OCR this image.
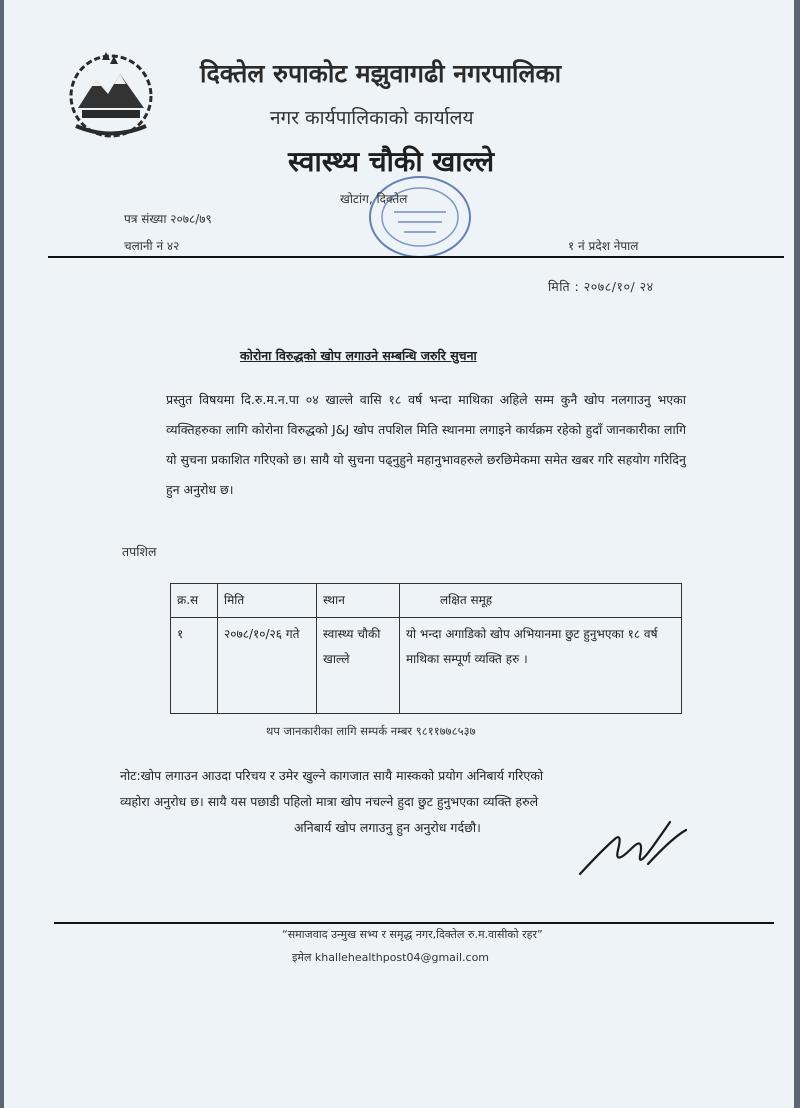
दिक्तेल रुपाकोट मझुवागढी नगरपालिका
नगर कार्यपालिकाको कार्यालय
स्वास्थ्य चौकी खाल्ले
खोटांग, दिक्तेल
पत्र संख्या २०७८/७९
चलानी नं ४२	१ नं प्रदेश नेपाल
मिति : २०७८/१०/ २४
कोरोना विरुद्धको खोप लगाउने सम्बन्धि जरुरि सुचना
प्रस्तुत विषयमा दि.रु.म.न.पा ०४ खाल्ले वासि १८ वर्ष भन्दा माथिका अहिले सम्म कुनै खोप नलगाउनु भएका व्यक्तिहरुका लागि कोरोना विरुद्धको J&J खोप तपशिल मिति स्थानमा लगाइने कार्यक्रम रहेको हुदाँ जानकारीका लागि यो सुचना प्रकाशित गरिएको छ। सायै यो सुचना पढ्नुहुने महानुभावहरुले छरछिमेकमा समेत खबर गरि सहयोग गरिदिनु हुन अनुरोध छ।
तपशिल
क्र.स	मिति	स्थान	लक्षित समूह
१	२०७८/१०/२६ गते	स्वास्थ्य चौकी खाल्ले	यो भन्दा अगाडिको खोप अभियानमा छुट हुनुभएका १८ वर्ष माथिका सम्पूर्ण व्यक्ति हरु ।
थप जानकारीका लागि सम्पर्क नम्बर ९८११७७८५३७
नोट:खोप लगाउन आउदा परिचय र उमेर खुल्ने कागजात सायै मास्कको प्रयोग अनिबार्य गरिएको
व्यहोरा अनुरोध छ। सायै यस पछाडी पहिलो मात्रा खोप नचल्ने हुदा छुट हुनुभएका व्यक्ति हरुले
अनिबार्य खोप लगाउनु हुन अनुरोध गर्दछौ।
“समाजवाद उन्मुख सभ्य र समृद्ध नगर,दिक्तेल रु.म.वासीको रहर”
इमेल khallehealthpost04@gmail.com
